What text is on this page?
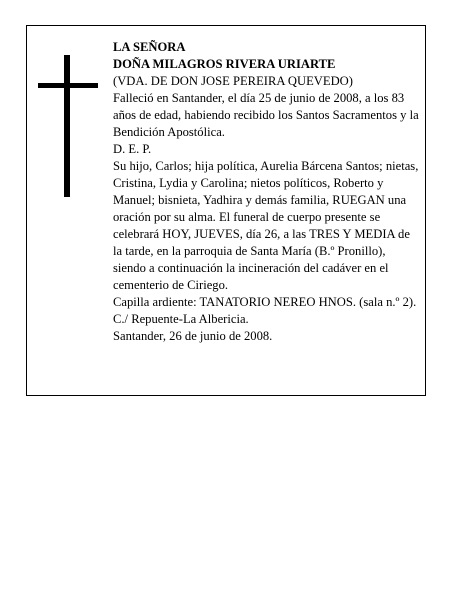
LA SEÑORA

DOÑA MILAGROS RIVERA URIARTE

(VDA. DE DON JOSE PEREIRA QUEVEDO)

Falleció en Santander, el día 25 de junio de 2008, a los 83 años de edad, habiendo recibido los Santos Sacramentos y la Bendición Apostólica.

D. E. P.

Su hijo, Carlos; hija política, Aurelia Bárcena Santos; nietas, Cristina, Lydia y Carolina; nietos políticos, Roberto y Manuel; bisnieta, Yadhira y demás familia, RUEGAN una oración por su alma. El funeral de cuerpo presente se celebrará HOY, JUEVES, día 26, a las TRES Y MEDIA de la tarde, en la parroquia de Santa María (B.º Pronillo), siendo a continuación la incineración del cadáver en el cementerio de Ciriego.

Capilla ardiente: TANATORIO NEREO HNOS. (sala n.º 2). C./ Repuente-La Albericia.

Santander, 26 de junio de 2008.
